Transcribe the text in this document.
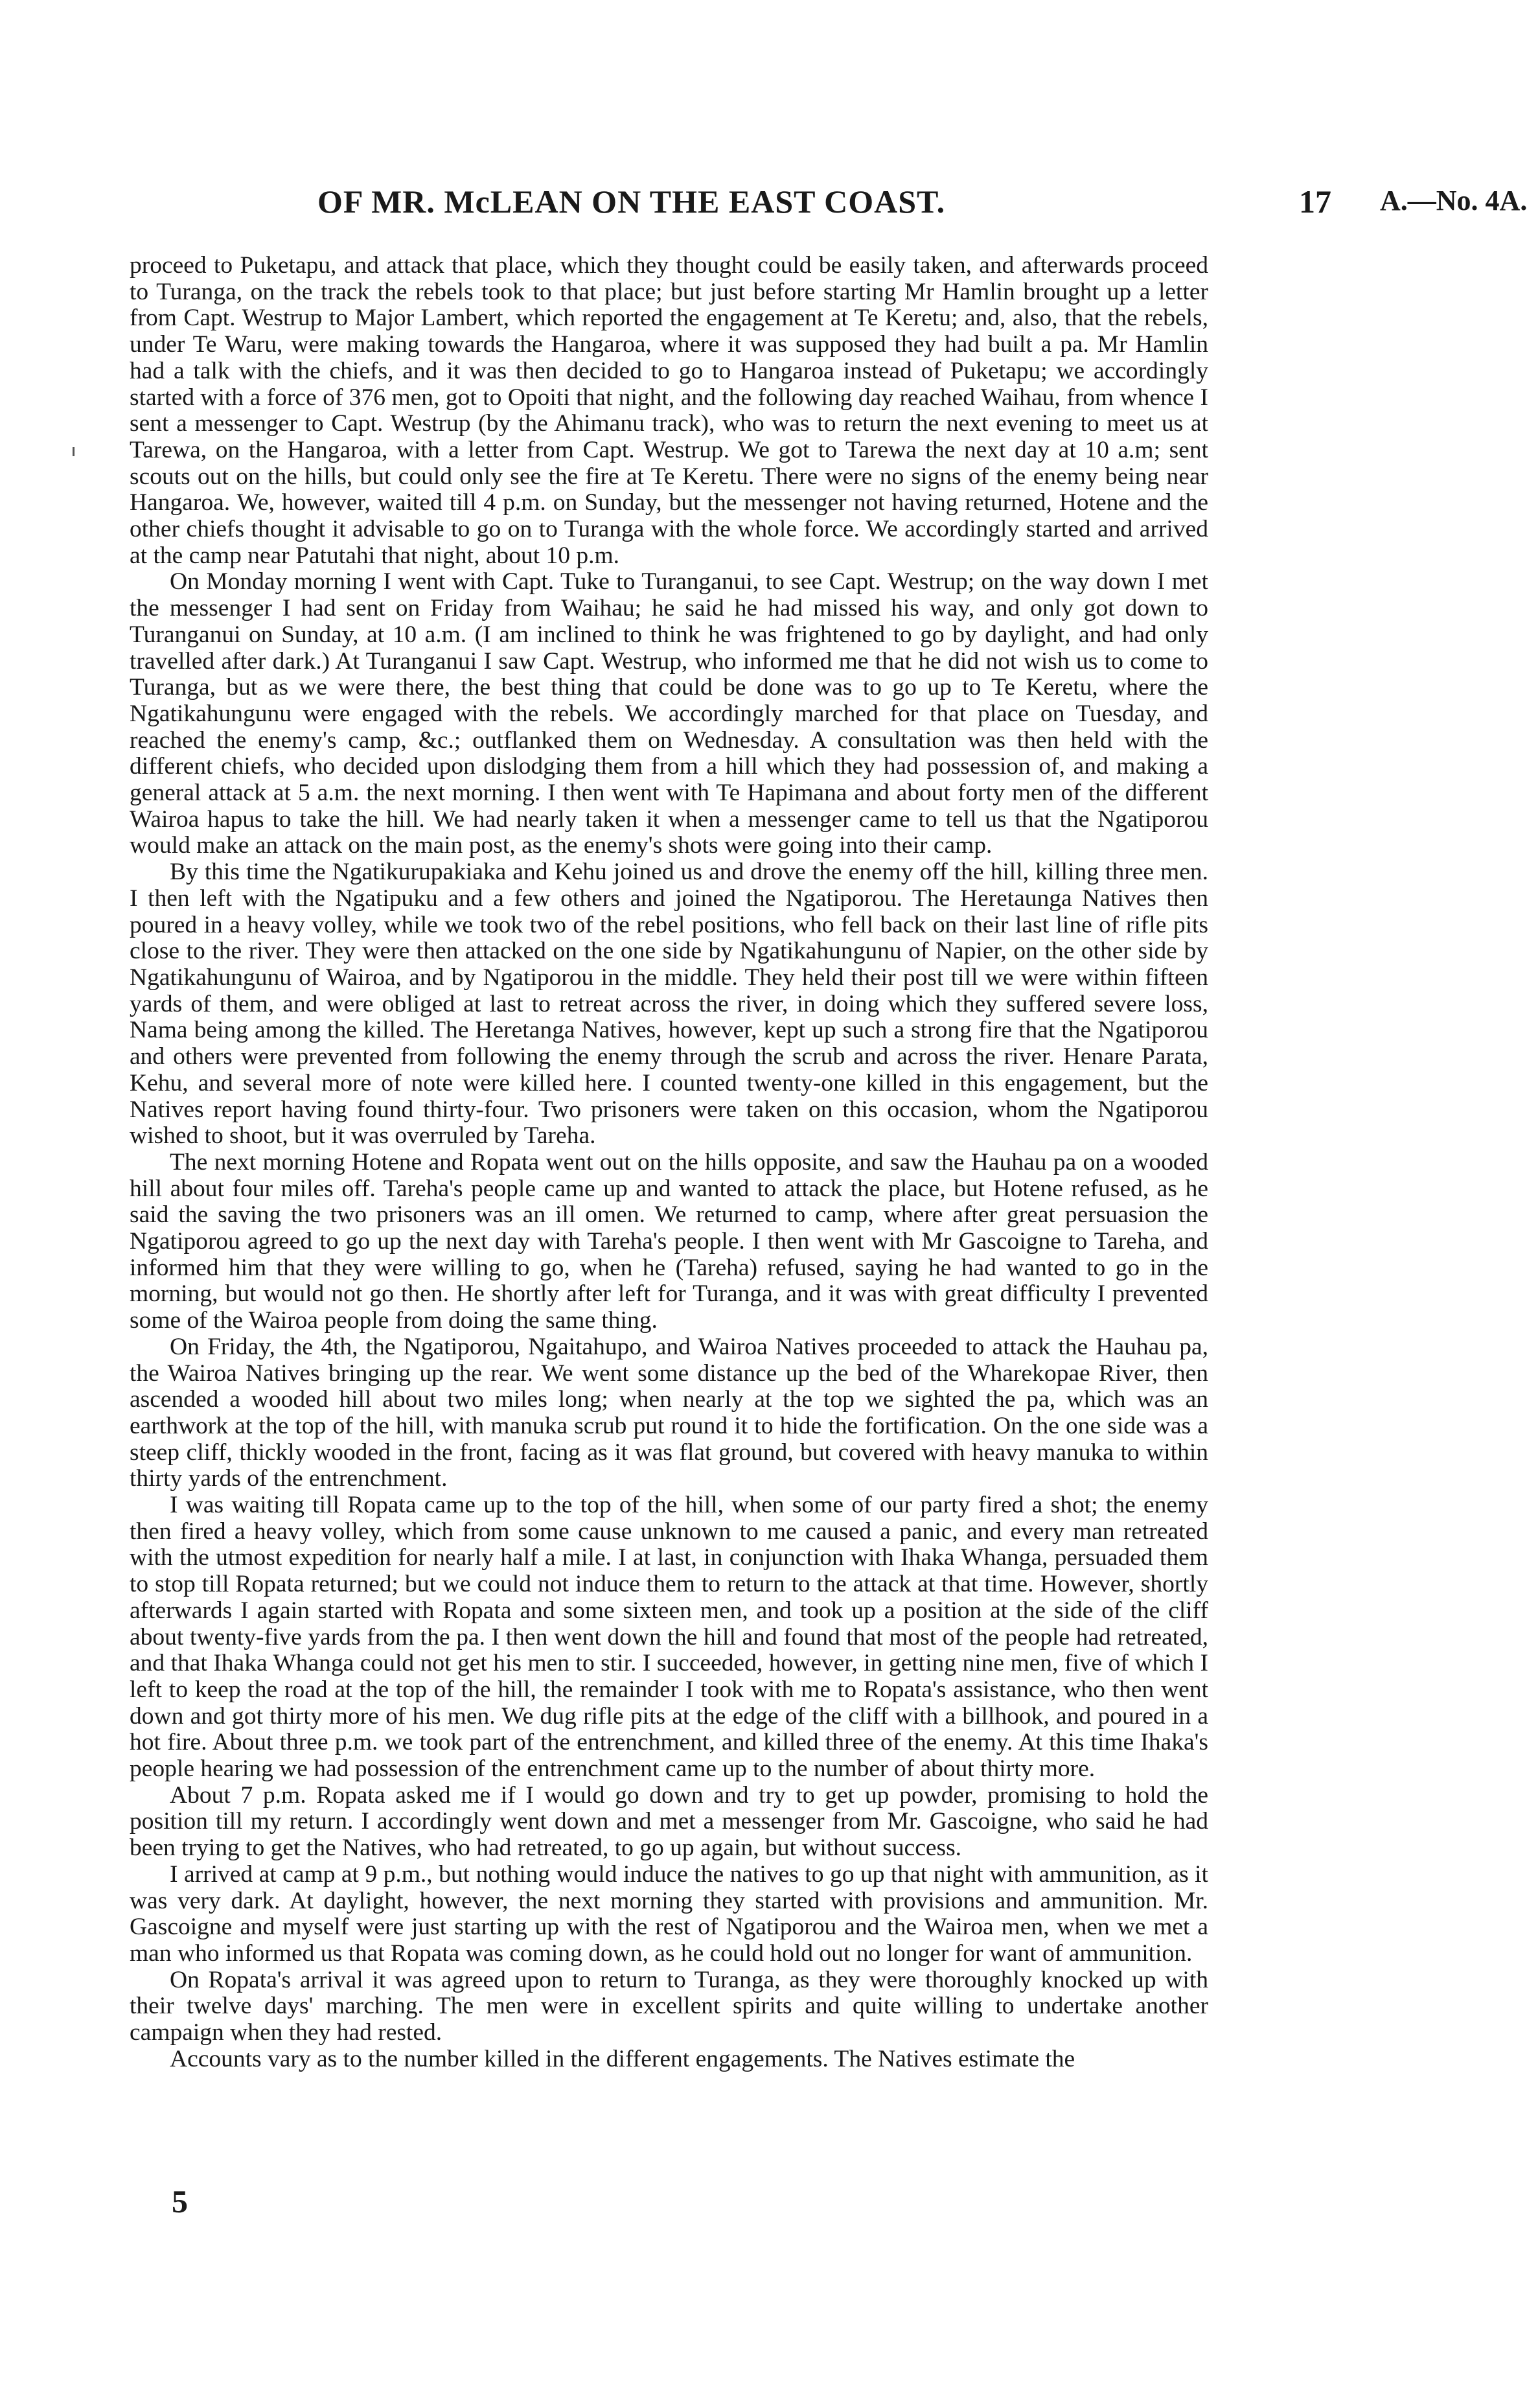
OF MR. McLEAN ON THE EAST COAST.	17 A.—No. 4A.

proceed to Puketapu, and attack that place, which they thought could be easily taken, and afterwards proceed to Turanga, on the track the rebels took to that place; but just before starting Mr Hamlin brought up a letter from Capt. Westrup to Major Lambert, which reported the engagement at Te Keretu; and, also, that the rebels, under Te Waru, were making towards the Hangaroa, where it was supposed they had built a pa. Mr Hamlin had a talk with the chiefs, and it was then decided to go to Hangaroa instead of Puketapu; we accordingly started with a force of 376 men, got to Opoiti that night, and the following day reached Waihau, from whence I sent a messenger to Capt. Westrup (by the Ahimanu track), who was to return the next evening to meet us at Tarewa, on the Hangaroa, with a letter from Capt. Westrup. We got to Tarewa the next day at 10 a.m; sent scouts out on the hills, but could only see the fire at Te Keretu. There were no signs of the enemy being near Hangaroa. We, however, waited till 4 p.m. on Sunday, but the messenger not having returned, Hotene and the other chiefs thought it advisable to go on to Turanga with the whole force. We accordingly started and arrived at the camp near Patutahi that night, about 10 p.m.

On Monday morning I went with Capt. Tuke to Turanganui, to see Capt. Westrup; on the way down I met the messenger I had sent on Friday from Waihau; he said he had missed his way, and only got down to Turanganui on Sunday, at 10 a.m. (I am inclined to think he was frightened to go by daylight, and had only travelled after dark.) At Turanganui I saw Capt. Westrup, who informed me that he did not wish us to come to Turanga, but as we were there, the best thing that could be done was to go up to Te Keretu, where the Ngatikahungunu were engaged with the rebels. We accordingly marched for that place on Tuesday, and reached the enemy's camp, &c.; outflanked them on Wednesday. A consultation was then held with the different chiefs, who decided upon dislodging them from a hill which they had possession of, and making a general attack at 5 a.m. the next morning. I then went with Te Hapimana and about forty men of the different Wairoa hapus to take the hill. We had nearly taken it when a messenger came to tell us that the Ngatiporou would make an attack on the main post, as the enemy's shots were going into their camp.

By this time the Ngatikurupakiaka and Kehu joined us and drove the enemy off the hill, killing three men. I then left with the Ngatipuku and a few others and joined the Ngatiporou. The Heretaunga Natives then poured in a heavy volley, while we took two of the rebel positions, who fell back on their last line of rifle pits close to the river. They were then attacked on the one side by Ngatikahungunu of Napier, on the other side by Ngatikahungunu of Wairoa, and by Ngatiporou in the middle. They held their post till we were within fifteen yards of them, and were obliged at last to retreat across the river, in doing which they suffered severe loss, Nama being among the killed. The Heretanga Natives, however, kept up such a strong fire that the Ngatiporou and others were prevented from following the enemy through the scrub and across the river. Henare Parata, Kehu, and several more of note were killed here. I counted twenty-one killed in this engagement, but the Natives report having found thirty-four. Two prisoners were taken on this occasion, whom the Ngatiporou wished to shoot, but it was overruled by Tareha.

The next morning Hotene and Ropata went out on the hills opposite, and saw the Hauhau pa on a wooded hill about four miles off. Tareha's people came up and wanted to attack the place, but Hotene refused, as he said the saving the two prisoners was an ill omen. We returned to camp, where after great persuasion the Ngatiporou agreed to go up the next day with Tareha's people. I then went with Mr Gascoigne to Tareha, and informed him that they were willing to go, when he (Tareha) refused, saying he had wanted to go in the morning, but would not go then. He shortly after left for Turanga, and it was with great difficulty I prevented some of the Wairoa people from doing the same thing.

On Friday, the 4th, the Ngatiporou, Ngaitahupo, and Wairoa Natives proceeded to attack the Hauhau pa, the Wairoa Natives bringing up the rear. We went some distance up the bed of the Wharekopae River, then ascended a wooded hill about two miles long; when nearly at the top we sighted the pa, which was an earthwork at the top of the hill, with manuka scrub put round it to hide the fortification. On the one side was a steep cliff, thickly wooded in the front, facing as it was flat ground, but covered with heavy manuka to within thirty yards of the entrenchment.

I was waiting till Ropata came up to the top of the hill, when some of our party fired a shot; the enemy then fired a heavy volley, which from some cause unknown to me caused a panic, and every man retreated with the utmost expedition for nearly half a mile. I at last, in conjunction with Ihaka Whanga, persuaded them to stop till Ropata returned; but we could not induce them to return to the attack at that time. However, shortly afterwards I again started with Ropata and some sixteen men, and took up a position at the side of the cliff about twenty-five yards from the pa. I then went down the hill and found that most of the people had retreated, and that Ihaka Whanga could not get his men to stir. I succeeded, however, in getting nine men, five of which I left to keep the road at the top of the hill, the remainder I took with me to Ropata's assistance, who then went down and got thirty more of his men. We dug rifle pits at the edge of the cliff with a billhook, and poured in a hot fire. About three p.m. we took part of the entrenchment, and killed three of the enemy. At this time Ihaka's people hearing we had possession of the entrenchment came up to the number of about thirty more.

About 7 p.m. Ropata asked me if I would go down and try to get up powder, promising to hold the position till my return. I accordingly went down and met a messenger from Mr. Gascoigne, who said he had been trying to get the Natives, who had retreated, to go up again, but without success.

I arrived at camp at 9 p.m., but nothing would induce the natives to go up that night with ammunition, as it was very dark. At daylight, however, the next morning they started with provisions and ammunition. Mr. Gascoigne and myself were just starting up with the rest of Ngatiporou and the Wairoa men, when we met a man who informed us that Ropata was coming down, as he could hold out no longer for want of ammunition.

On Ropata's arrival it was agreed upon to return to Turanga, as they were thoroughly knocked up with their twelve days' marching. The men were in excellent spirits and quite willing to undertake another campaign when they had rested.

Accounts vary as to the number killed in the different engagements. The Natives estimate the

5
